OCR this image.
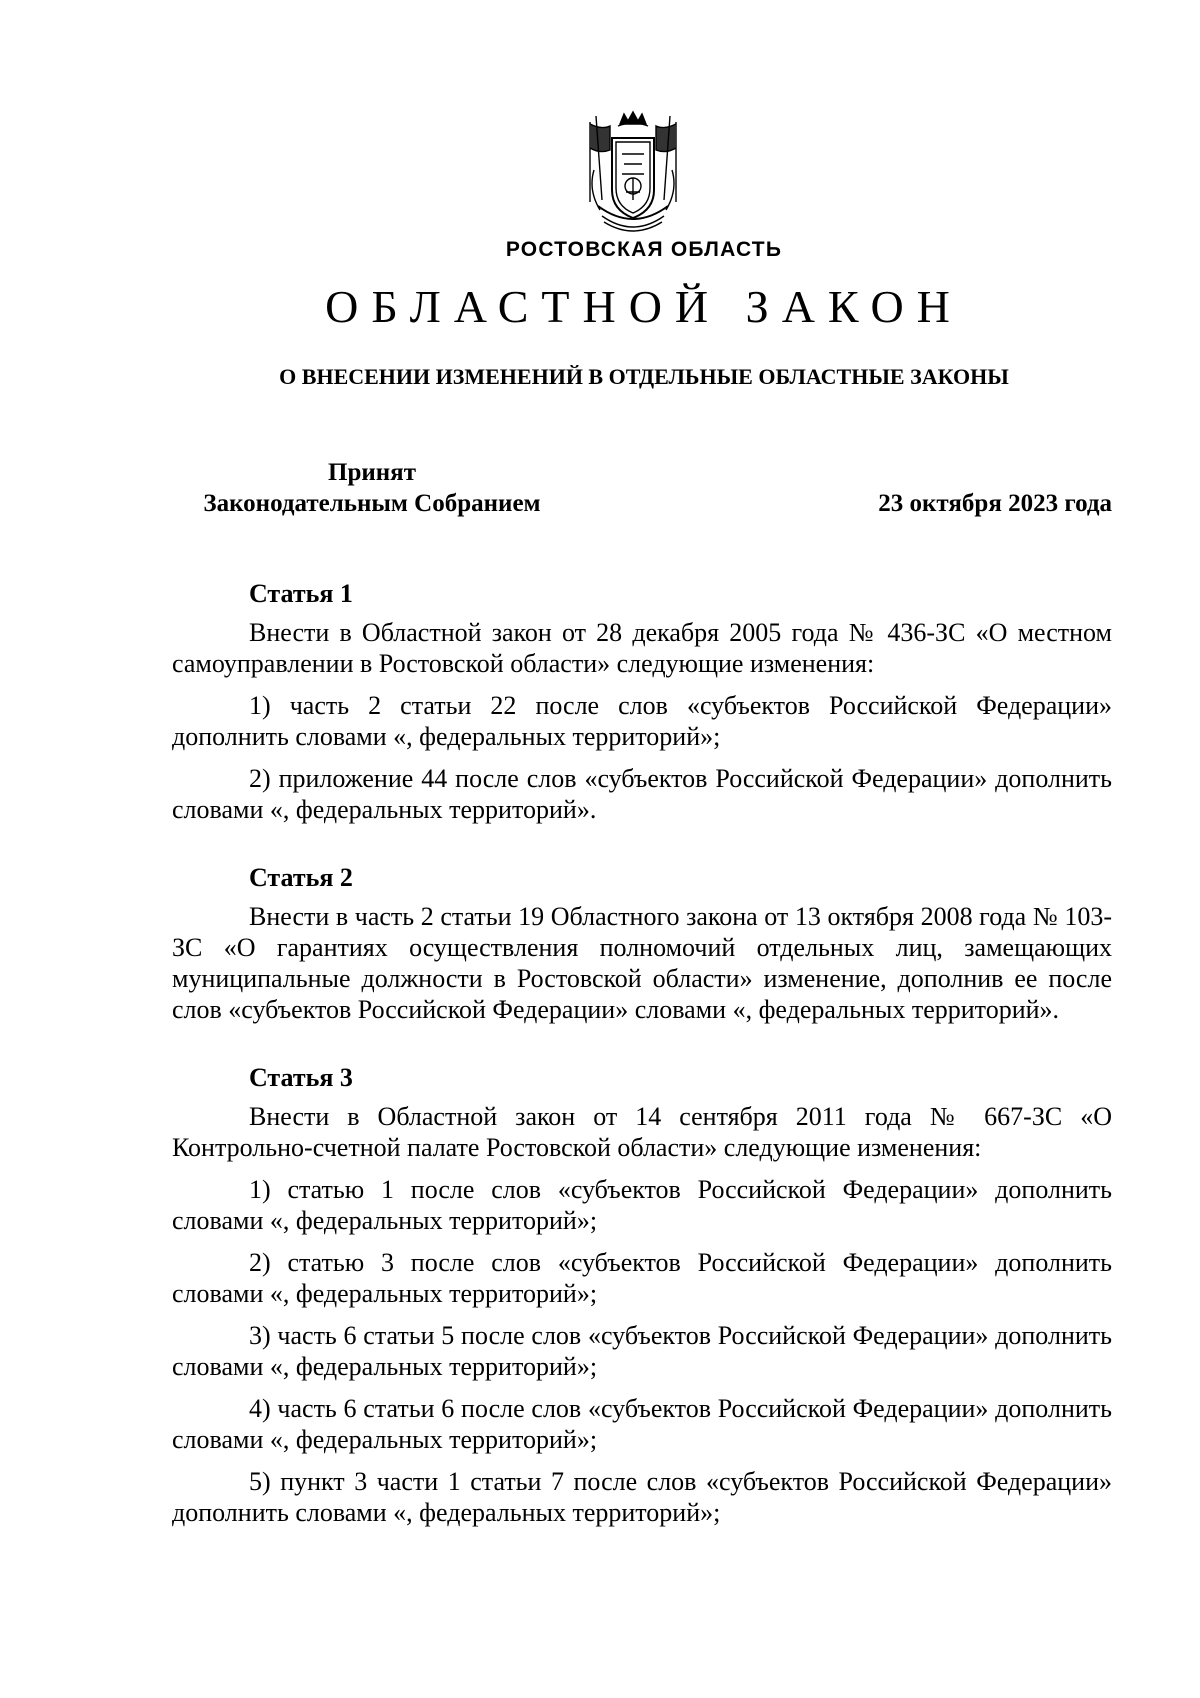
РОСТОВСКАЯ ОБЛАСТЬ
ОБЛАСТНОЙ ЗАКОН
О ВНЕСЕНИИ ИЗМЕНЕНИЙ В ОТДЕЛЬНЫЕ ОБЛАСТНЫЕ ЗАКОНЫ
Принят
Законодательным Собранием	23 октября 2023 года
Статья 1

Внести в Областной закон от 28 декабря 2005 года № 436-ЗС «О местном самоуправлении в Ростовской области» следующие изменения:

1) часть 2 статьи 22 после слов «субъектов Российской Федерации» дополнить словами «, федеральных территорий»;

2) приложение 44 после слов «субъектов Российской Федерации» дополнить словами «, федеральных территорий».

Статья 2

Внести в часть 2 статьи 19 Областного закона от 13 октября 2008 года № 103-ЗС «О гарантиях осуществления полномочий отдельных лиц, замещающих муниципальные должности в Ростовской области» изменение, дополнив ее после слов «субъектов Российской Федерации» словами «, федеральных территорий».

Статья 3

Внести в Областной закон от 14 сентября 2011 года № 667-ЗС «О Контрольно-счетной палате Ростовской области» следующие изменения:

1) статью 1 после слов «субъектов Российской Федерации» дополнить словами «, федеральных территорий»;

2) статью 3 после слов «субъектов Российской Федерации» дополнить словами «, федеральных территорий»;

3) часть 6 статьи 5 после слов «субъектов Российской Федерации» дополнить словами «, федеральных территорий»;

4) часть 6 статьи 6 после слов «субъектов Российской Федерации» дополнить словами «, федеральных территорий»;

5) пункт 3 части 1 статьи 7 после слов «субъектов Российской Федерации» дополнить словами «, федеральных территорий»;
